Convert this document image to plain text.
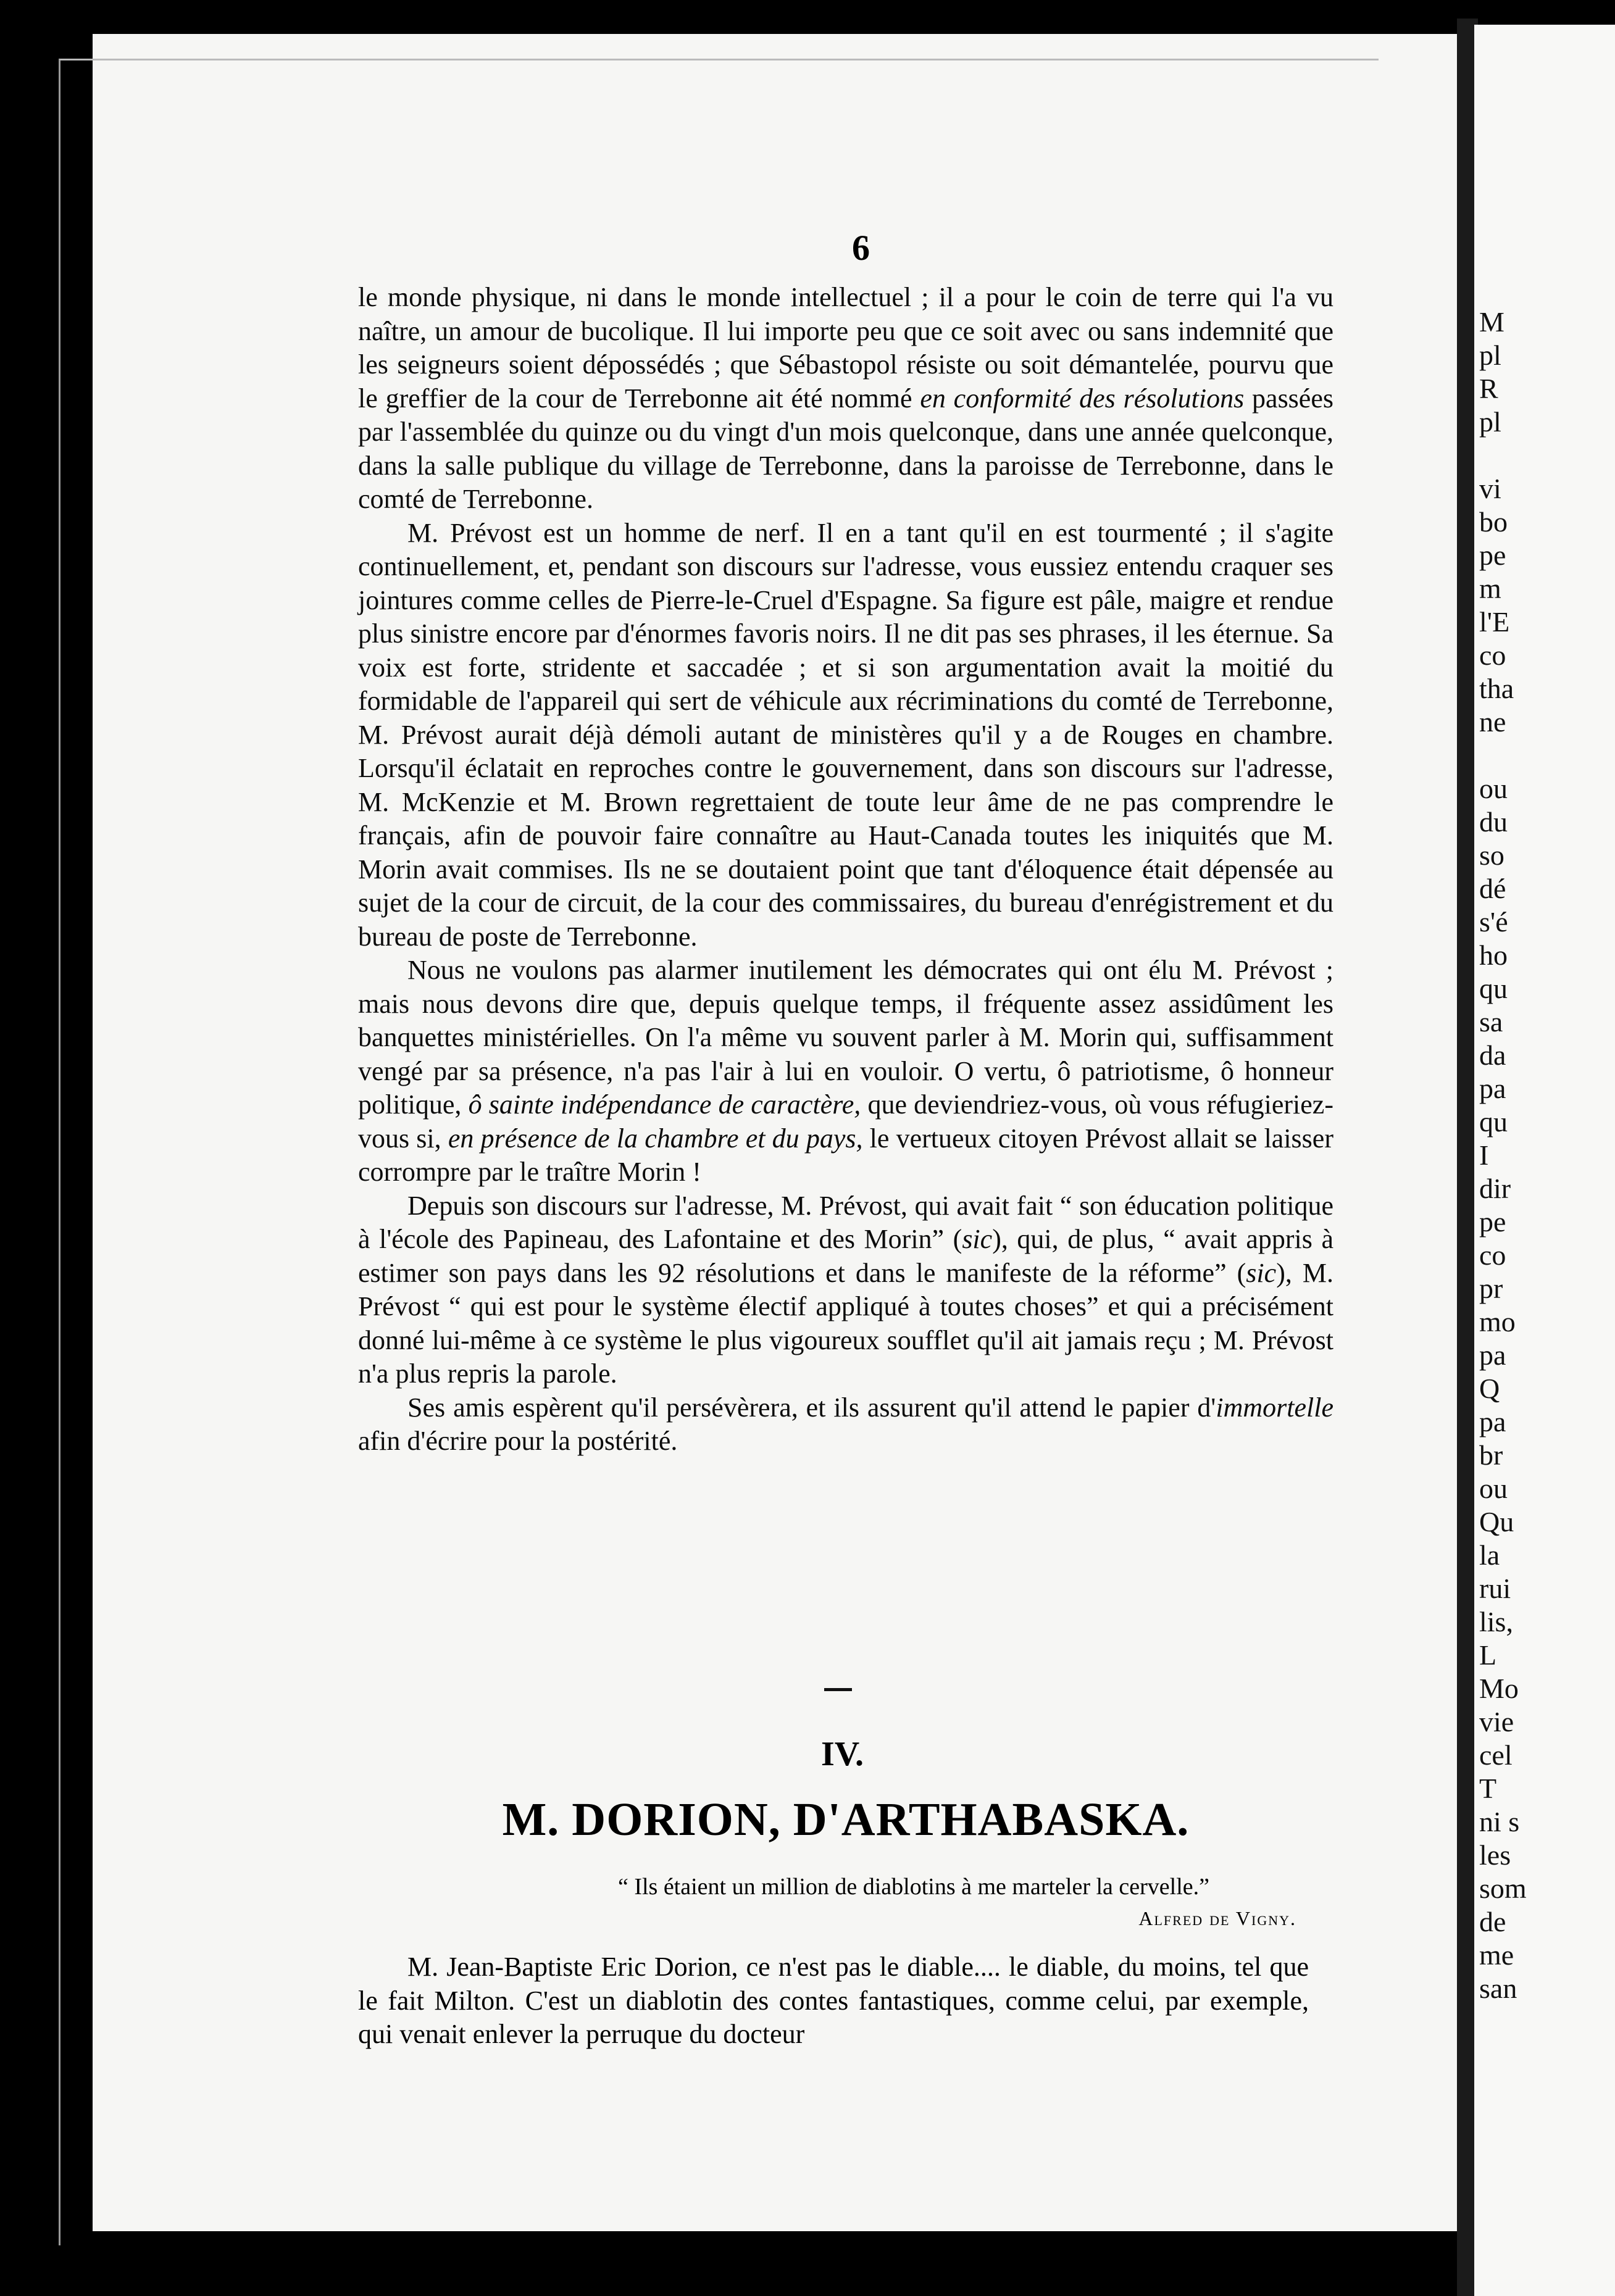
M
pl
R
pl
vi
bo
pe
m
l'E
co
tha
ne
ou
du
so
dé
s'é
ho
qu
sa
da
pa
qu
I
dir
pe
co
pr
mo
pa
Q
pa
br
ou
Qu
la
rui
lis,
L
Mo
vie
cel
T
ni s
les
som
de
me
san
6

le monde physique, ni dans le monde intellectuel ; il a pour le coin de terre qui l'a vu naître, un amour de bucolique. Il lui importe peu que ce soit avec ou sans indemnité que les seigneurs soient dépossédés ; que Sébastopol résiste ou soit démantelée, pourvu que le greffier de la cour de Terrebonne ait été nommé en conformité des résolutions passées par l'assemblée du quinze ou du vingt d'un mois quelconque, dans une année quelconque, dans la salle publique du village de Terrebonne, dans la paroisse de Terrebonne, dans le comté de Terrebonne.

M. Prévost est un homme de nerf. Il en a tant qu'il en est tourmenté ; il s'agite continuellement, et, pendant son discours sur l'adresse, vous eussiez entendu craquer ses jointures comme celles de Pierre-le-Cruel d'Espagne. Sa figure est pâle, maigre et rendue plus sinistre encore par d'énormes favoris noirs. Il ne dit pas ses phrases, il les éternue. Sa voix est forte, stridente et saccadée ; et si son argumentation avait la moitié du formidable de l'appareil qui sert de véhicule aux récriminations du comté de Terrebonne, M. Prévost aurait déjà démoli autant de ministères qu'il y a de Rouges en chambre. Lorsqu'il éclatait en reproches contre le gouvernement, dans son discours sur l'adresse, M. McKenzie et M. Brown regrettaient de toute leur âme de ne pas comprendre le français, afin de pouvoir faire connaître au Haut-Canada toutes les iniquités que M. Morin avait commises. Ils ne se doutaient point que tant d'éloquence était dépensée au sujet de la cour de circuit, de la cour des commissaires, du bureau d'enrégistrement et du bureau de poste de Terrebonne.

Nous ne voulons pas alarmer inutilement les démocrates qui ont élu M. Prévost ; mais nous devons dire que, depuis quelque temps, il fréquente assez assidûment les banquettes ministérielles. On l'a même vu souvent parler à M. Morin qui, suffisamment vengé par sa présence, n'a pas l'air à lui en vouloir. O vertu, ô patriotisme, ô honneur politique, ô sainte indépendance de caractère, que deviendriez-vous, où vous réfugieriez-vous si, en présence de la chambre et du pays, le vertueux citoyen Prévost allait se laisser corrompre par le traître Morin !

Depuis son discours sur l'adresse, M. Prévost, qui avait fait “ son éducation politique à l'école des Papineau, des Lafontaine et des Morin” (sic), qui, de plus, “ avait appris à estimer son pays dans les 92 résolutions et dans le manifeste de la réforme” (sic), M. Prévost “ qui est pour le système électif appliqué à toutes choses” et qui a précisément donné lui-même à ce système le plus vigoureux soufflet qu'il ait jamais reçu ; M. Prévost n'a plus repris la parole.

Ses amis espèrent qu'il persévèrera, et ils assurent qu'il attend le papier d'immortelle afin d'écrire pour la postérité.

IV.
M. DORION, D'ARTHABASKA.
“ Ils étaient un million de diablotins à me marteler la cervelle.”
Alfred de Vigny.
M. Jean-Baptiste Eric Dorion, ce n'est pas le diable.... le diable, du moins, tel que le fait Milton. C'est un diablotin des contes fantastiques, comme celui, par exemple, qui venait enlever la perruque du docteur
